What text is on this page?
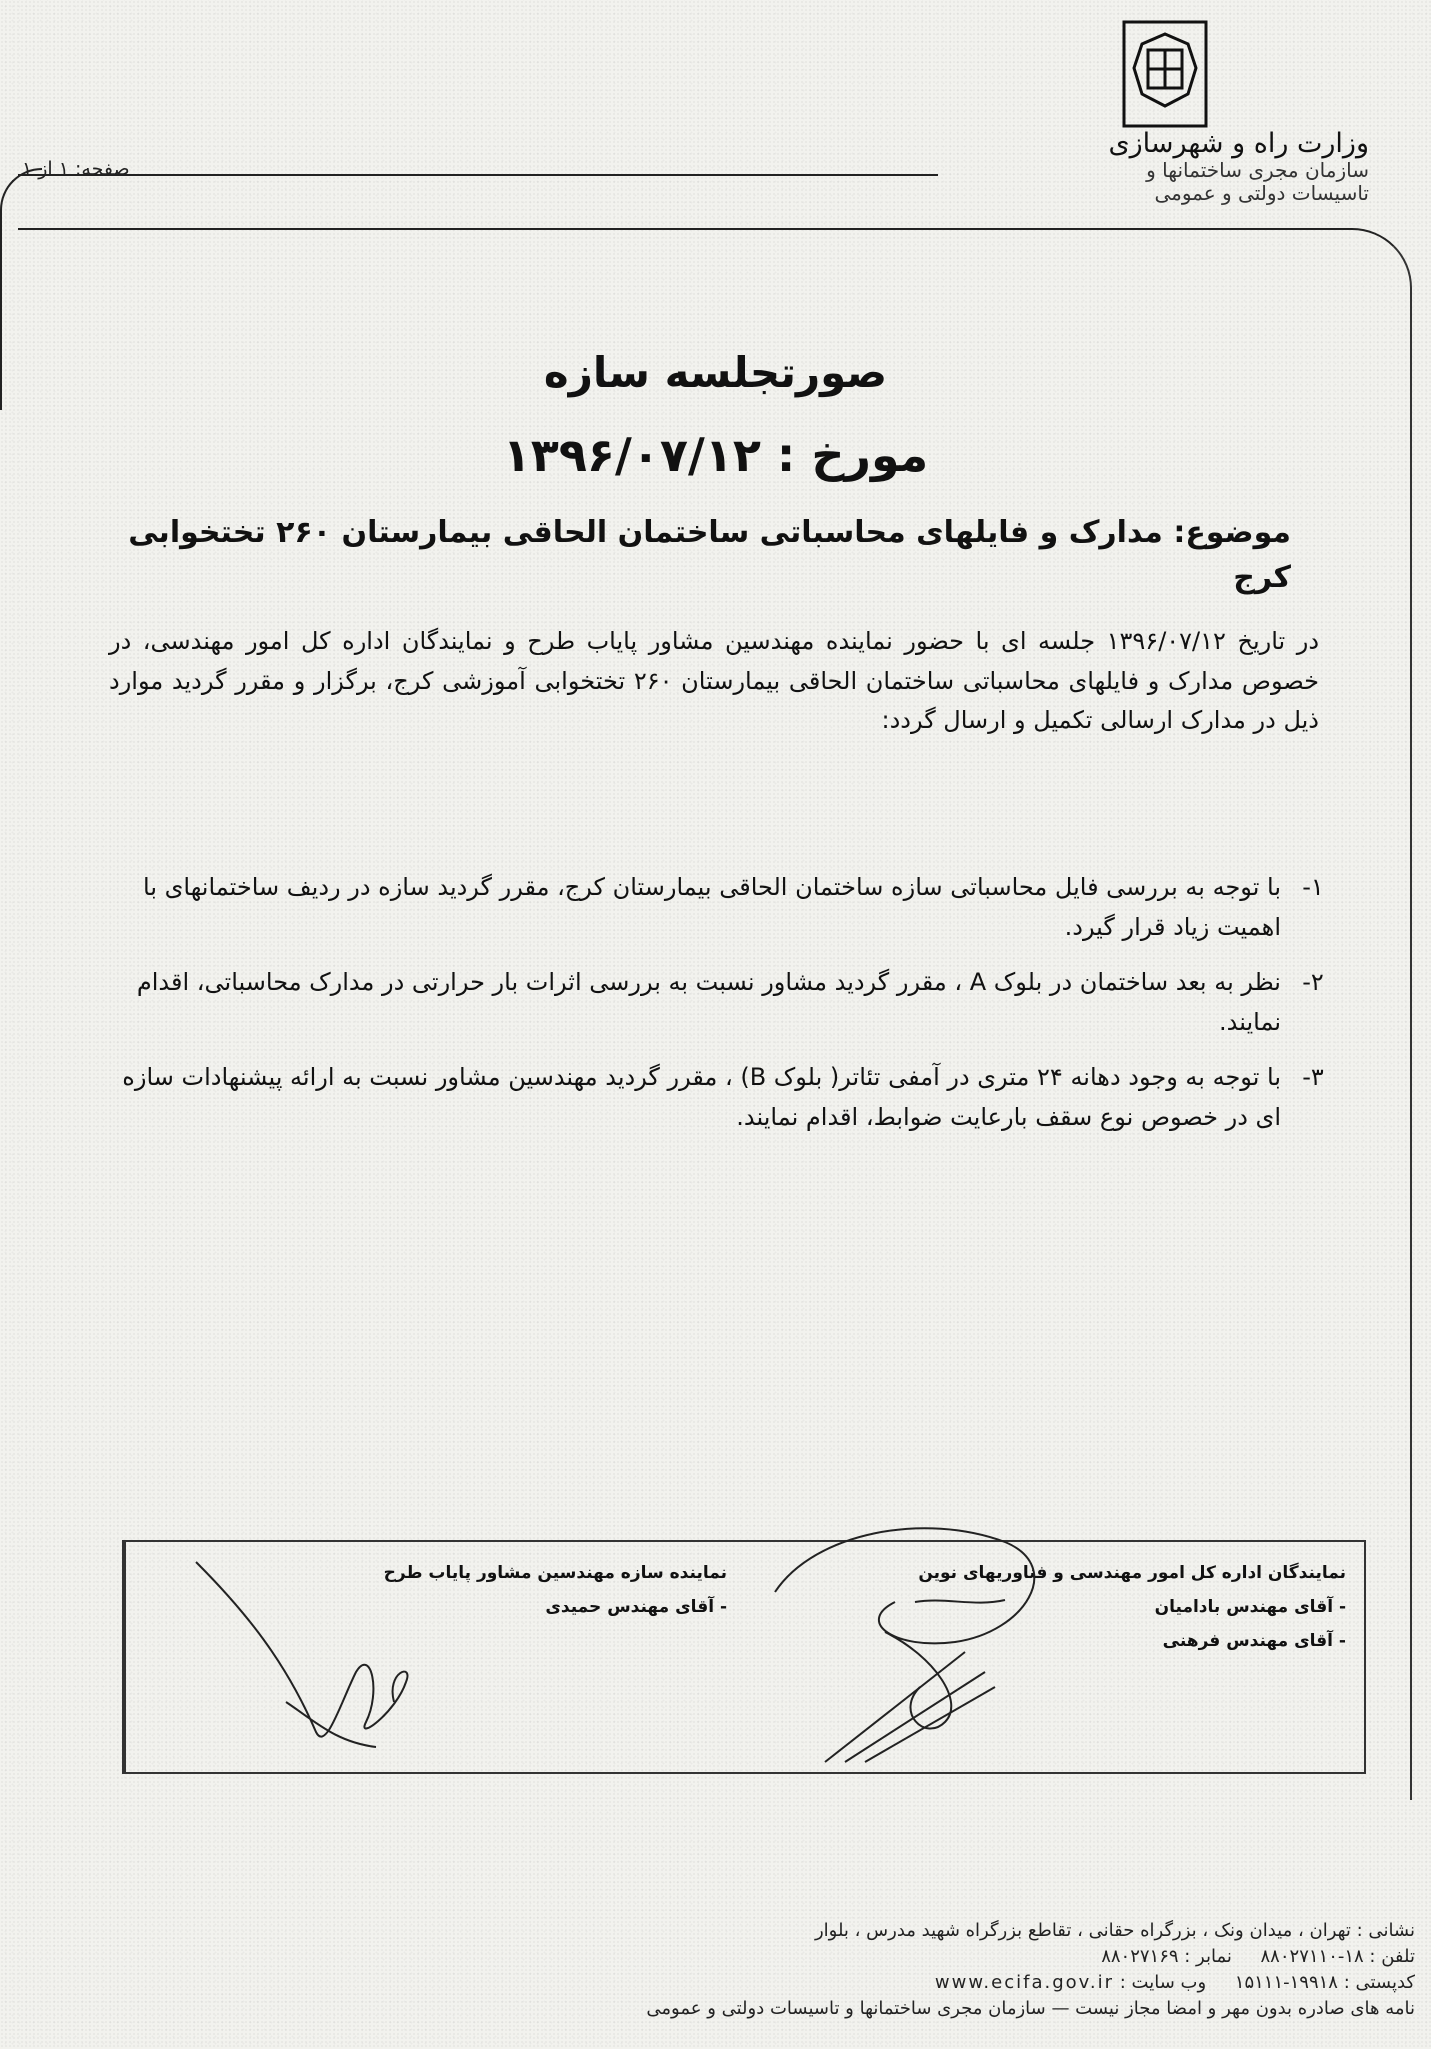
وزارت راه و شهرسازی
سازمان مجری ساختمانها و
تاسیسات دولتی و عمومی
صفحه: ۱ از ۱
صورتجلسه سازه
مورخ : ۱۳۹۶/۰۷/۱۲
موضوع: مدارک و فایلهای محاسباتی ساختمان الحاقی بیمارستان ۲۶۰ تختخوابی کرج
در تاریخ ۱۳۹۶/۰۷/۱۲ جلسه ای با حضور نماینده مهندسین مشاور پایاب طرح و نمایندگان اداره کل امور مهندسی، در خصوص مدارک و فایلهای محاسباتی ساختمان الحاقی بیمارستان ۲۶۰ تختخوابی آموزشی کرج، برگزار و مقرر گردید موارد ذیل در مدارک ارسالی تکمیل و ارسال گردد:
۱-
با توجه به بررسی فایل محاسباتی سازه ساختمان الحاقی بیمارستان کرج، مقرر گردید سازه در ردیف ساختمانهای با اهمیت زیاد قرار گیرد.
۲-
نظر به بعد ساختمان در بلوک A ، مقرر گردید مشاور نسبت به بررسی اثرات بار حرارتی در مدارک محاسباتی، اقدام نمایند.
۳-
با توجه به وجود دهانه ۲۴ متری در آمفی تئاتر( بلوک B) ، مقرر گردید مهندسین مشاور نسبت به ارائه پیشنهادات سازه ای در خصوص نوع سقف بارعایت ضوابط، اقدام نمایند.
نماینده سازه مهندسین مشاور پایاب طرح
- آقای مهندس حمیدی
نمایندگان اداره کل امور مهندسی و فناوریهای نوین
- آقای مهندس بادامیان
- آقای مهندس فرهنی
نشانی : تهران ، میدان ونک ، بزرگراه حقانی ، تقاطع بزرگراه شهید مدرس ، بلوار
تلفن : ۱۸-۸۸۰۲۷۱۱۰     نمابر : ۸۸۰۲۷۱۶۹
کدپستی : ۱۹۹۱۸-۱۵۱۱۱     وب سایت : www.ecifa.gov.ir
نامه های صادره بدون مهر و امضا مجاز نیست — سازمان مجری ساختمانها و تاسیسات دولتی و عمومی
